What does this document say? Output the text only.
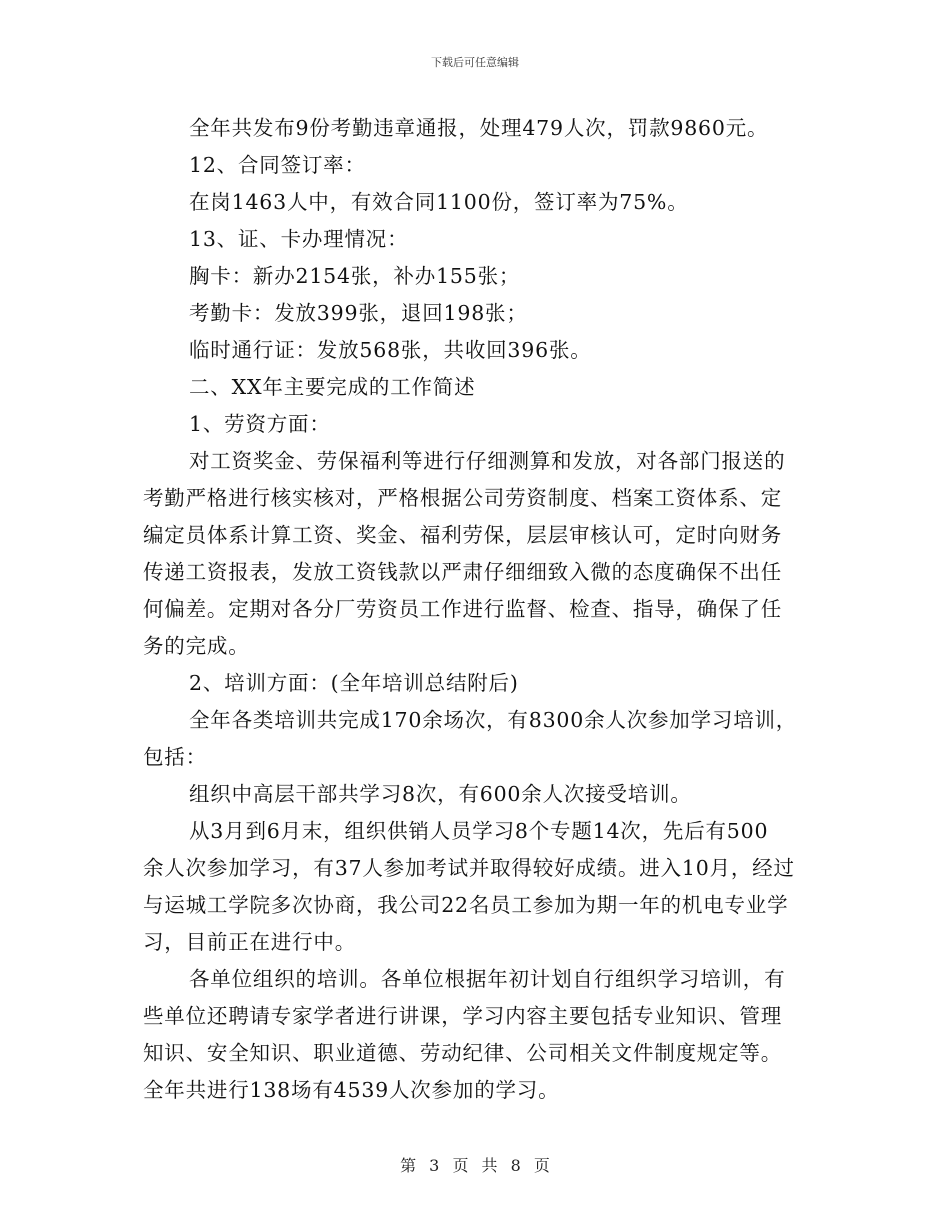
下载后可任意编辑
全年共发布9份考勤违章通报，处理479人次，罚款9860元。
12、合同签订率：
在岗1463人中，有效合同1100份，签订率为75%。
13、证、卡办理情况：
胸卡：新办2154张，补办155张；
考勤卡：发放399张，退回198张；
临时通行证：发放568张，共收回396张。
二、XX年主要完成的工作简述
1、劳资方面：
对工资奖金、劳保福利等进行仔细测算和发放，对各部门报送的
考勤严格进行核实核对，严格根据公司劳资制度、档案工资体系、定
编定员体系计算工资、奖金、福利劳保，层层审核认可，定时向财务
传递工资报表，发放工资钱款以严肃仔细细致入微的态度确保不出任
何偏差。定期对各分厂劳资员工作进行监督、检查、指导，确保了任
务的完成。
2、培训方面：(全年培训总结附后)
全年各类培训共完成170余场次，有8300余人次参加学习培训，
包括：
组织中高层干部共学习8次，有600余人次接受培训。
从3月到6月末，组织供销人员学习8个专题14次，先后有500
余人次参加学习，有37人参加考试并取得较好成绩。进入10月，经过
与运城工学院多次协商，我公司22名员工参加为期一年的机电专业学
习，目前正在进行中。
各单位组织的培训。各单位根据年初计划自行组织学习培训，有
些单位还聘请专家学者进行讲课，学习内容主要包括专业知识、管理
知识、安全知识、职业道德、劳动纪律、公司相关文件制度规定等。
全年共进行138场有4539人次参加的学习。
第 3 页 共 8 页
